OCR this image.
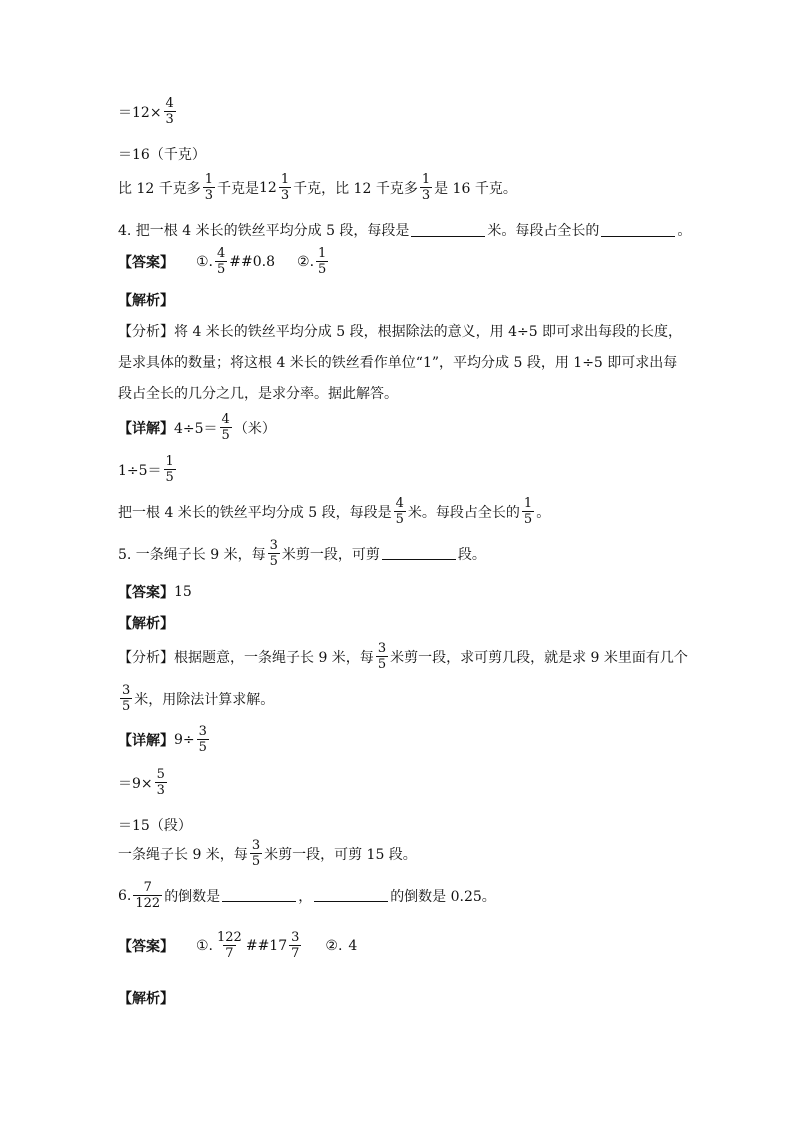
$=12\times \frac{4}{3}$
＝16（千克）
比 12 千克多 $\frac{1}{3}$ 千克是 $12 \frac{1}{3}$ 千克，比 12 千克多 $\frac{1}{3}$ 是 16 千克。
4. 把一根 4 米长的铁丝平均分成 5 段，每段是	米。每段占全长的	。
【答案】 ①. $\frac{4}{5}$ ##0.8 ②. $\frac{1}{5}$
【解析】
【分析】将 4 米长的铁丝平均分成 5 段，根据除法的意义，用 4÷5 即可求出每段的长度，
是求具体的数量；将这根 4 米长的铁丝看作单位“1”，平均分成 5 段，用 1÷5 即可求出每
段占全长的几分之几，是求分率。据此解答。
【详解】 $4\div 5= \frac{4}{5}$ （米）
$1\div 5= \frac{1}{5}$
把一根 4 米长的铁丝平均分成 5 段，每段是 $\frac{4}{5}$ 米。每段占全长的 $\frac{1}{5}$ 。
5. 一条绳子长 9 米，每 $\frac{3}{5}$ 米剪一段，可剪	段。
【答案】 15
【解析】
【分析】根据题意，一条绳子长 9 米，每 $\frac{3}{5}$ 米剪一段，求可剪几段，就是求 9 米里面有几个
$\frac{3}{5}$ 米，用除法计算求解。
【详解】 $9\div \frac{3}{5}$
$=9\times \frac{5}{3}$
＝15（段）
一条绳子长 9 米，每 $\frac{3}{5}$ 米剪一段，可剪 15 段。
6. $\frac{7}{122}$ 的倒数是	，	的倒数是 0.25。
【答案】 ①. $\frac{122}{7}$ ##17 $\frac{3}{7}$ ②. 4
【解析】
